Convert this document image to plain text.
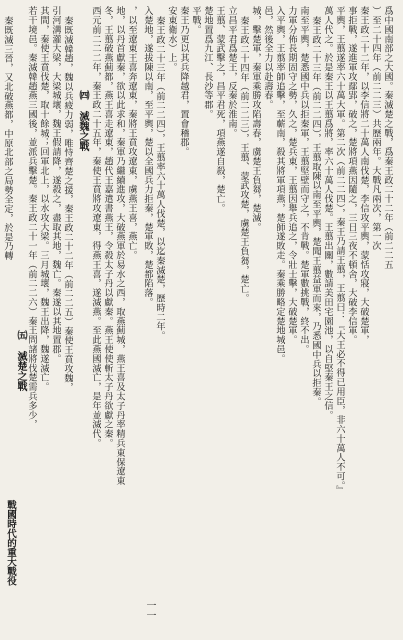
爲中國南部之大國。秦滅楚之戰，爲秦王政二十二年（前二二五
）至二十四年（前二二三）共歷兩年。大戰凡兩次，第一次
秦王政二十二年，以李信將二十萬人南伐楚，李信攻平輿，蒙恬攻寢，大破楚軍，
事拒戰，遂進軍攻鄢郢，破之，楚將項燕因隨之，三日三夜不頓舍，大破李信軍。
平輿，王翦遂率六十萬大軍。第二次（前二二四），秦王乃請王翦，王翦曰：『大王必不得已用臣，非六十萬人不可。』
萬人代之。於是秦王以王翦爲將，率六十萬人伐楚。王翦出關，數請美田宅園池，以自堅秦王之信。
秦王政二十三年（前二二四），王翦取陳以南至平輿，楚聞王翦益軍而來，乃悉國中兵以拒秦。
南至平輿，楚悉國中兵以拒秦軍，王翦堅壁而守之，不肯戰。楚軍數挑戰，終不出。
力軍分佈長期固守之勢，久之，楚兵東，王翦因舉兵追之，令壯士擊，大破楚軍。
入平輿，王翦率師追擊，至蘄南，殺其將軍項燕，楚師遂敗走。秦乘勝略定楚地城邑。
邑，然後全力以赴壽春。
城，擊楚軍，秦軍乘勝攻陷壽春，虜楚王負芻，楚滅。
秦王政二十四年（前二二三），王翦、蒙武攻楚，虜楚王負芻，楚亡。
立昌平君爲楚王，反秦於淮南。
王翦、蒙武擊之，昌平君死，項燕遂自殺，楚亡。
楚地置爲九江、長沙等郡。
平戰。
秦王乃更以其兵降越君，置會稽郡。
安東衛水）上。
秦王政二十三年（前二二四），王翦率六十萬人伐楚，以迄秦滅楚，歷時二年。
入楚地，遂拔陳以南，至平輿，楚以全國兵力拒秦，楚軍敗，楚都陷落。
一一
，以至遼東王喜奔遼東，秦將王賁攻遼東，虜燕王喜，燕亡。
地，以丹首獻秦，欲以此求和，秦軍乃繼續進攻，大破燕軍於易水之西，取燕薊城，燕王喜及太子丹率精兵東保遼東
冬，王翦破燕薊都，燕王喜走遼東，趙代王嘉遣書燕王，令殺太子丹以獻秦。燕王使使斬太子丹欲獻之秦。
西元前二二二年，秦王政二十五年，秦使王賁將攻遼東，得燕王喜，遂滅燕。至此燕國滅亡，是年並滅代。
㈣ 滅魏之戰
秦既滅韓趙，魏以兵疲力弱，唯恃齊楚之援，秦王政二十二年（前二二五）秦使王賁攻魏，
引河溝灌大梁，大梁城壞，魏王假請降，遂殺之，盡取其地，魏亡。秦遂以其地置郡。
其間，秦使王賁伐楚，取十餘城；回軍北上，以水攻大梁。三月城壞，魏王出降，魏遂滅亡。
若干境邑。秦滅韓趙燕三國後，並派兵擊楚。秦王政二十一年（前二二六）秦王問諸將伐楚需兵多少，
㈤ 滅楚之戰
秦既滅三晉，又北破燕都，中原北部之局勢全定，於是乃轉
戰國時代的重大戰役
